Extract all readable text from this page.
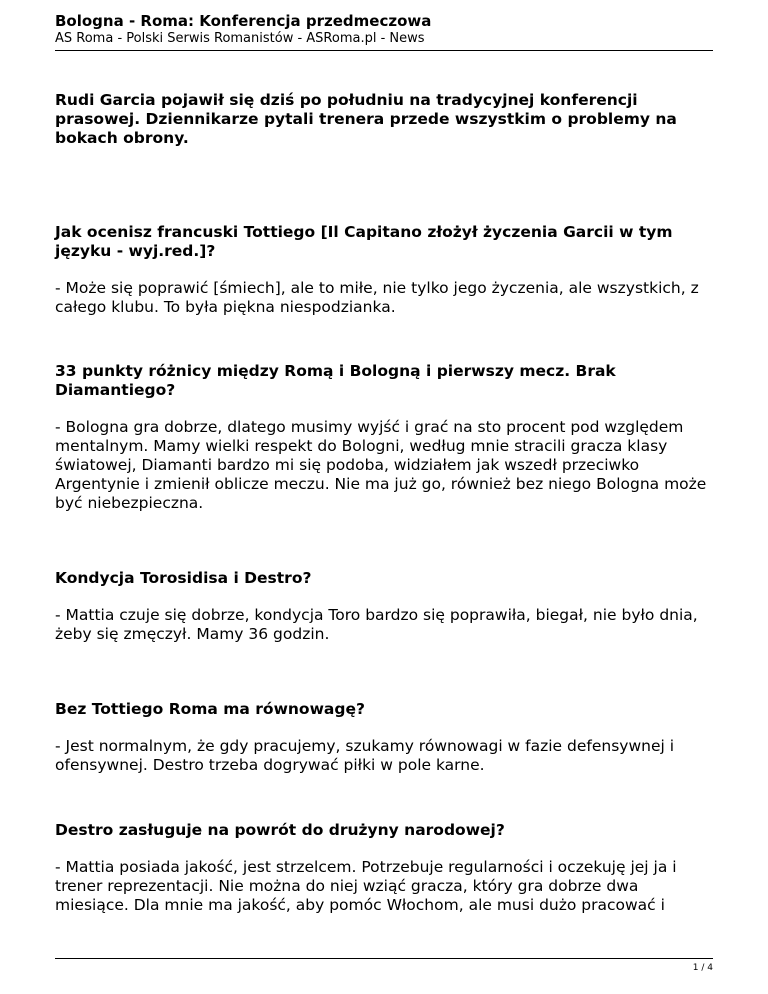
Bologna - Roma: Konferencja przedmeczowa
AS Roma - Polski Serwis Romanistów - ASRoma.pl - News

Rudi Garcia pojawił się dziś po południu na tradycyjnej konferencji prasowej. Dziennikarze pytali trenera przede wszystkim o problemy na bokach obrony.

Jak ocenisz francuski Tottiego [Il Capitano złożył życzenia Garcii w tym języku - wyj.red.]?

- Może się poprawić [śmiech], ale to miłe, nie tylko jego życzenia, ale wszystkich, z całego klubu. To była piękna niespodzianka.

33 punkty różnicy między Romą i Bologną i pierwszy mecz. Brak Diamantiego?

- Bologna gra dobrze, dlatego musimy wyjść i grać na sto procent pod względem mentalnym. Mamy wielki respekt do Bologni, według mnie stracili gracza klasy światowej, Diamanti bardzo mi się podoba, widziałem jak wszedł przeciwko Argentynie i zmienił oblicze meczu. Nie ma już go, również bez niego Bologna może być niebezpieczna.

Kondycja Torosidisa i Destro?

- Mattia czuje się dobrze, kondycja Toro bardzo się poprawiła, biegał, nie było dnia, żeby się zmęczył. Mamy 36 godzin.

Bez Tottiego Roma ma równowagę?

- Jest normalnym, że gdy pracujemy, szukamy równowagi w fazie defensywnej i ofensywnej. Destro trzeba dogrywać piłki w pole karne.

Destro zasługuje na powrót do drużyny narodowej?

- Mattia posiada jakość, jest strzelcem. Potrzebuje regularności i oczekuję jej ja i trener reprezentacji. Nie można do niej wziąć gracza, który gra dobrze dwa miesiące. Dla mnie ma jakość, aby pomóc Włochom, ale musi dużo pracować i

1 / 4
